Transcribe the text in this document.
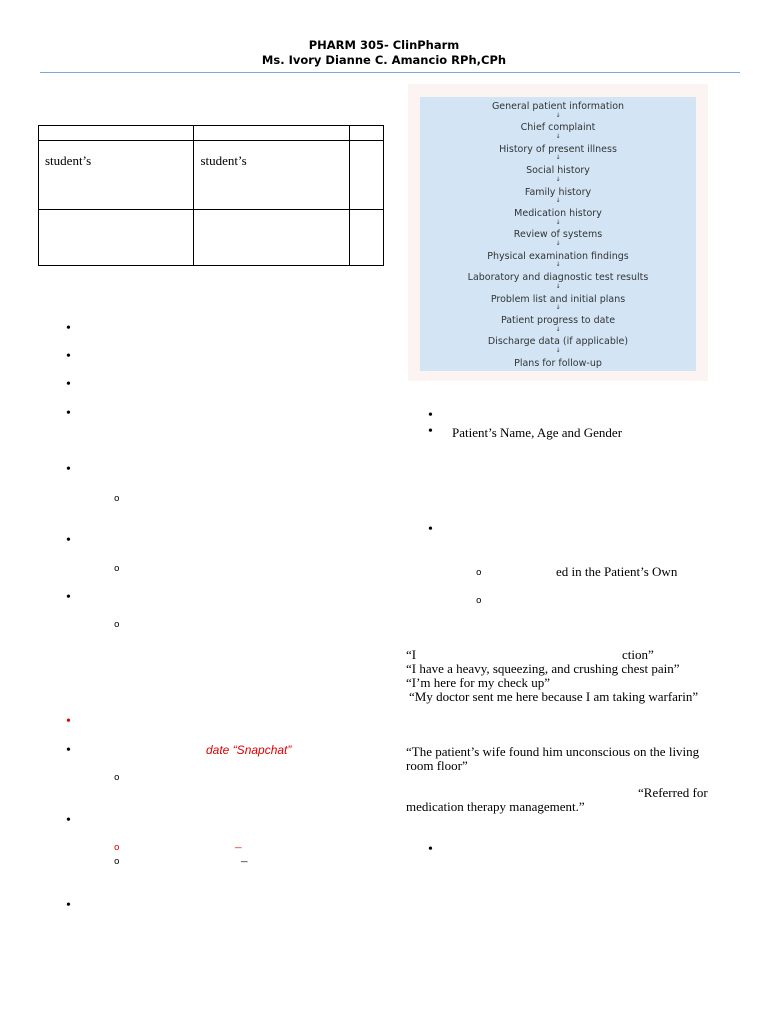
PHARM 305- ClinPharm
Ms. Ivory Dianne C. Amancio RPh,CPh

student’s	student’s	

•
•
•
•
•
o
•
o
•
o
•
•	date “Snapchat”
o
•
o	–
o	–
•
General patient information
↓
Chief complaint
↓
History of present illness
↓
Social history
↓
Family history
↓
Medication history
↓
Review of systems
↓
Physical examination findings
↓
Laboratory and diagnostic test results
↓
Problem list and initial plans
↓
Patient progress to date
↓
Discharge data (if applicable)
↓
Plans for follow-up
•
• Patient’s Name, Age and Gender
•
o	ed in the Patient’s Own
o
“I	ction”
“I have a heavy, squeezing, and crushing chest pain”
“I’m here for my check up”
“My doctor sent me here because I am taking warfarin”
“The patient’s wife found him unconscious on the living
room floor”
“Referred for
medication therapy management.”
•
